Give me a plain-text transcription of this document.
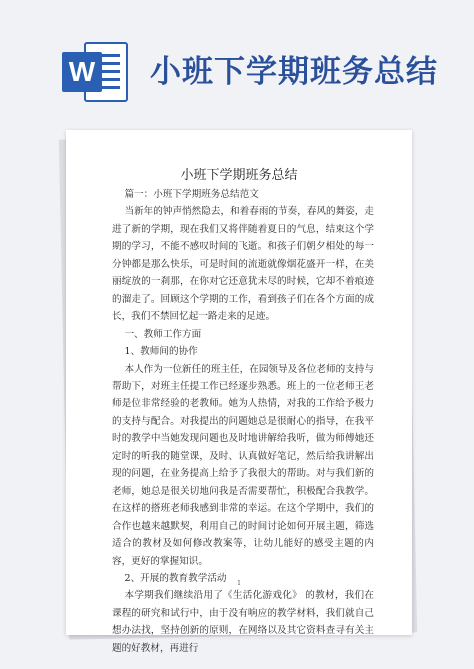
W 小班下学期班务总结
小班下学期班务总结

篇一：小班下学期班务总结范文

当新年的钟声悄然隐去，和着春雨的节奏，春风的舞姿，走进了新的学期，现在我们又将伴随着夏日的气息，结束这个学期的学习，不能不感叹时间的飞逝。和孩子们朝夕相处的每一分钟都是那么快乐，可是时间的流逝就像烟花盛开一样，在美丽绽放的一刹那，在你对它还意犹未尽的时候，它却不着痕迹的溜走了。回顾这个学期的工作，看到孩子们在各个方面的成长，我们不禁回忆起一路走来的足迹。

一、教师工作方面

1、教师间的协作

本人作为一位新任的班主任，在园领导及各位老师的支持与帮助下，对班主任提工作已经逐步熟悉。班上的一位老师王老师是位非常经验的老教师。她为人热情，对我的工作给予极力的支持与配合。对我提出的问题她总是很耐心的指导，在我平时的教学中当她发现问题也及时地讲解给我听，做为师傅她还定时的听我的随堂课，及时、认真做好笔记，然后给我讲解出现的问题，在业务提高上给予了我很大的帮助。对与我们新的老师，她总是很关切地问我是否需要帮忙，积极配合我教学。在这样的搭班老师我感到非常的幸运。在这个学期中，我们的合作也越来越默契，利用自己的时间讨论如何开展主题，筛选适合的教材及如何修改教案等，让幼儿能好的感受主题的内容，更好的掌握知识。

2、开展的教育教学活动

本学期我们继续沿用了《生活化游戏化》 的教材，我们在课程的研究和试行中，由于没有响应的教学材料，我们就自己想办法找，坚持创新的原则，在网络以及其它资料查寻有关主题的好教材，再进行

1
